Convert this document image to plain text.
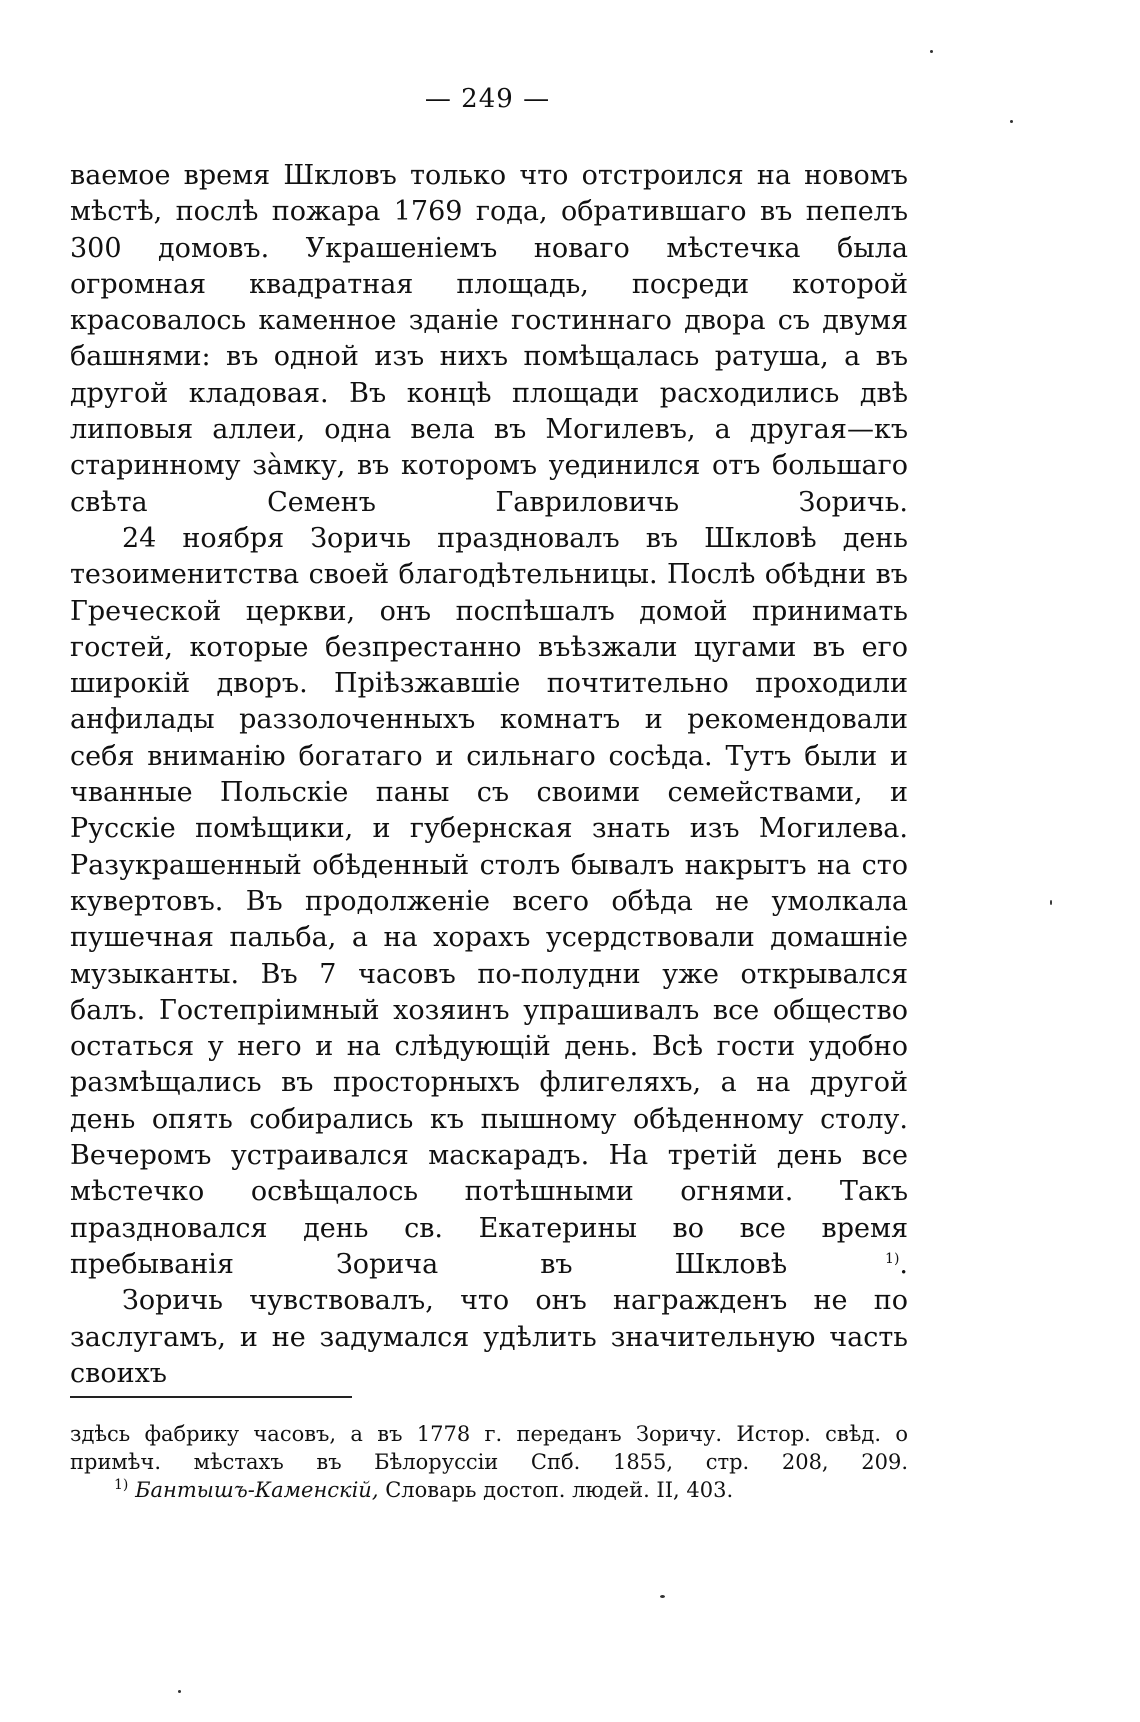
— 249 —

ваемое время Шкловъ только что отстроился на новомъ мѣстѣ, послѣ пожара 1769 года, обратившаго въ пепелъ 300 домовъ. Украшеніемъ новаго мѣстечка была огромная квадратная площадь, посреди которой красовалось каменное зданіе гостиннаго двора съ двумя башнями: въ одной изъ нихъ помѣщалась ратуша, а въ другой кладовая. Въ концѣ площади расходились двѣ липовыя аллеи, одна вела въ Могилевъ, а другая—къ старинному зàмку, въ которомъ уединился отъ большаго свѣта Семенъ Гавриловичь Зоричь.

24 ноября Зоричь праздновалъ въ Шкловѣ день тезоименитства своей благодѣтельницы. Послѣ обѣдни въ Греческой церкви, онъ поспѣшалъ домой принимать гостей, которые безпрестанно въѣзжали цугами въ его широкій дворъ. Пріѣзжавшіе почтительно проходили анфилады раззолоченныхъ комнатъ и рекомендовали себя вниманію богатаго и сильнаго сосѣда. Тутъ были и чванные Польскіе паны съ своими семействами, и Русскіе помѣщики, и губернская знать изъ Могилева. Разукрашенный обѣденный столъ бывалъ накрытъ на сто кувертовъ. Въ продолженіе всего обѣда не умолкала пушечная пальба, а на хорахъ усердствовали домашніе музыканты. Въ 7 часовъ по-полудни уже открывался балъ. Гостепріимный хозяинъ упрашивалъ все общество остаться у него и на слѣдующій день. Всѣ гости удобно размѣщались въ просторныхъ флигеляхъ, а на другой день опять собирались къ пышному обѣденному столу. Вечеромъ устраивался маскарадъ. На третій день все мѣстечко освѣщалось потѣшными огнями. Такъ праздновался день св. Екатерины во все время пребыванія Зорича въ Шкловѣ	$^{1)}$.

Зоричь чувствовалъ, что онъ награжденъ не по заслугамъ, и не задумался удѣлить значительную часть своихъ

здѣсь фабрику часовъ, а въ 1778 г. переданъ Зоричу. Истор. свѣд. о примѣч. мѣстахъ въ Бѣлоруссіи Спб. 1855, стр. 208, 209.

$^{1)}$ Бантышъ-Каменскій, Словарь достоп. людей. II, 403.
